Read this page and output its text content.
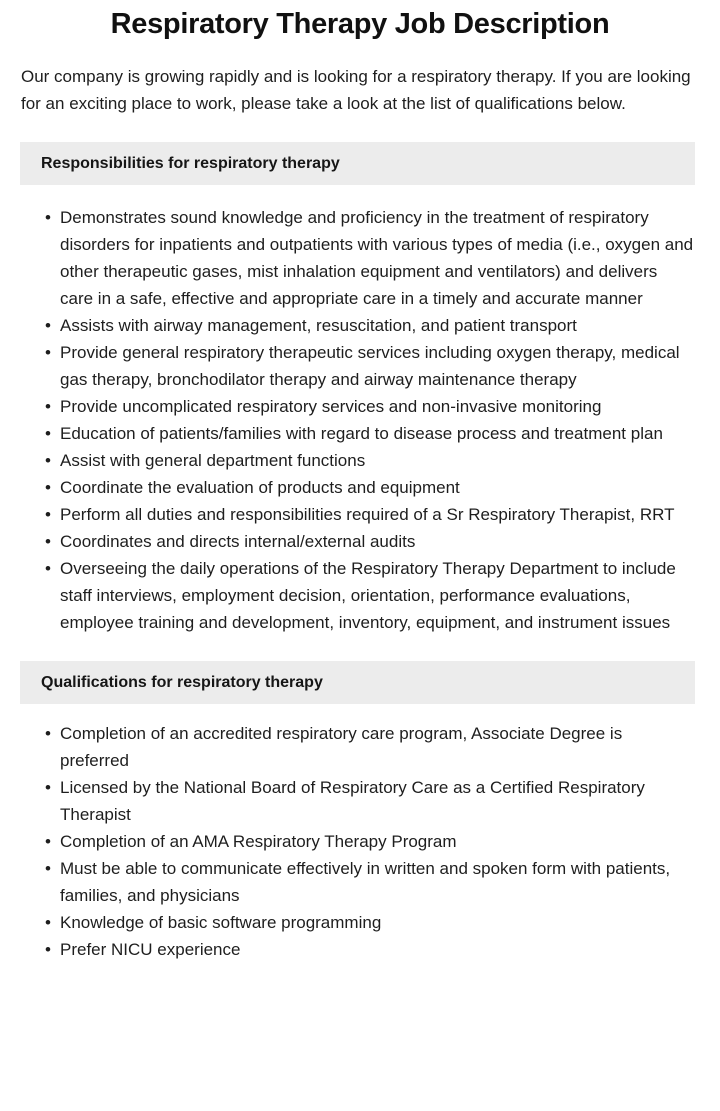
Respiratory Therapy Job Description

Our company is growing rapidly and is looking for a respiratory therapy. If you are looking for an exciting place to work, please take a look at the list of qualifications below.

Responsibilities for respiratory therapy
• Demonstrates sound knowledge and proficiency in the treatment of respiratory disorders for inpatients and outpatients with various types of media (i.e., oxygen and other therapeutic gases, mist inhalation equipment and ventilators) and delivers care in a safe, effective and appropriate care in a timely and accurate manner
• Assists with airway management, resuscitation, and patient transport
• Provide general respiratory therapeutic services including oxygen therapy, medical gas therapy, bronchodilator therapy and airway maintenance therapy
• Provide uncomplicated respiratory services and non-invasive monitoring
• Education of patients/families with regard to disease process and treatment plan
• Assist with general department functions
• Coordinate the evaluation of products and equipment
• Perform all duties and responsibilities required of a Sr Respiratory Therapist, RRT
• Coordinates and directs internal/external audits
• Overseeing the daily operations of the Respiratory Therapy Department to include staff interviews, employment decision, orientation, performance evaluations, employee training and development, inventory, equipment, and instrument issues
Qualifications for respiratory therapy
• Completion of an accredited respiratory care program, Associate Degree is preferred
• Licensed by the National Board of Respiratory Care as a Certified Respiratory Therapist
• Completion of an AMA Respiratory Therapy Program
• Must be able to communicate effectively in written and spoken form with patients, families, and physicians
• Knowledge of basic software programming
• Prefer NICU experience
